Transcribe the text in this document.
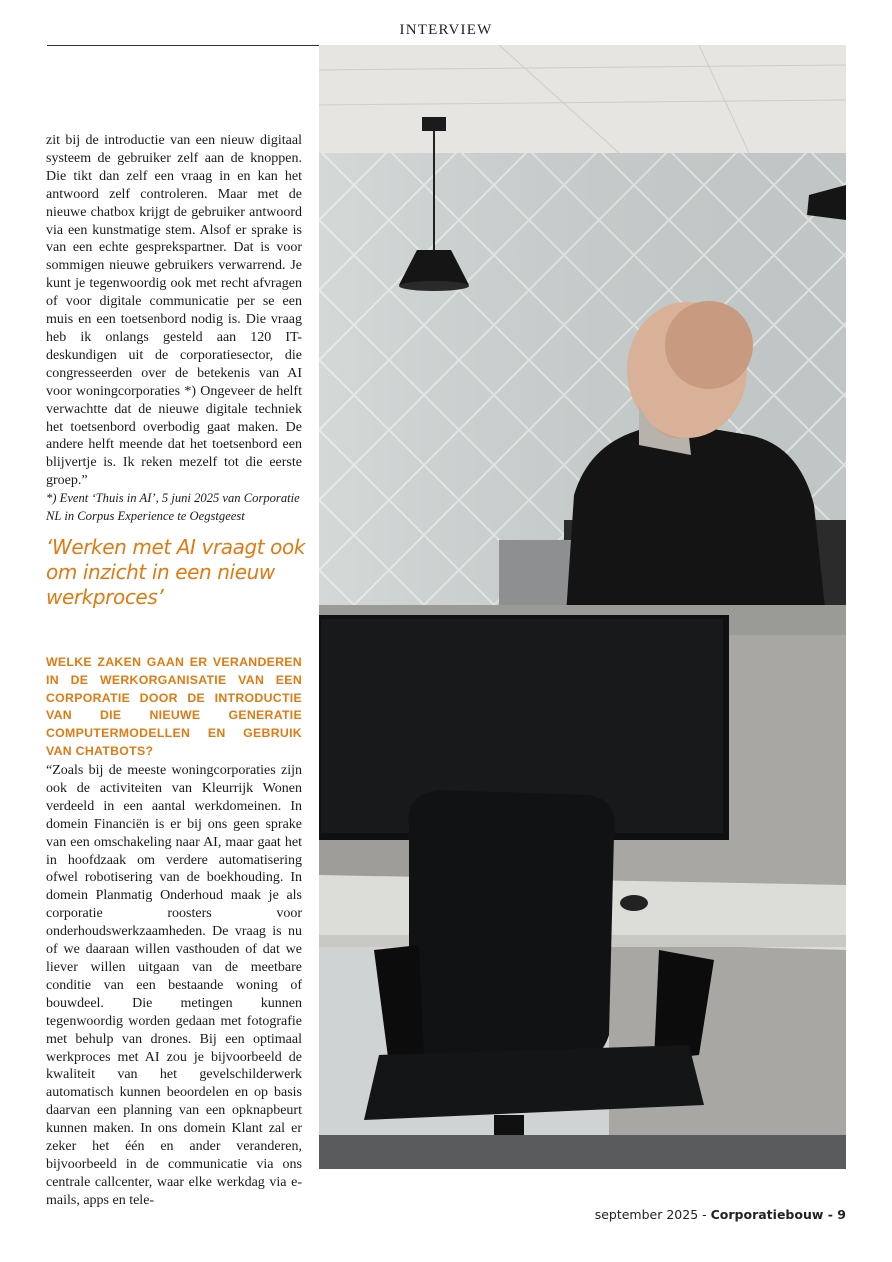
INTERVIEW

zit bij de introductie van een nieuw digitaal systeem de gebruiker zelf aan de knoppen. Die tikt dan zelf een vraag in en kan het antwoord zelf controleren. Maar met de nieuwe chatbox krijgt de gebruiker antwoord via een kunstmatige stem. Alsof er sprake is van een echte gesprekspartner. Dat is voor sommigen nieuwe gebruikers verwarrend. Je kunt je tegenwoordig ook met recht afvragen of voor digitale communicatie per se een muis en een toetsenbord nodig is. Die vraag heb ik onlangs gesteld aan 120 IT-deskundigen uit de corporatiesector, die congresseerden over de betekenis van AI voor woningcorporaties *) Ongeveer de helft verwachtte dat de nieuwe digitale techniek het toetsenbord overbodig gaat maken. De andere helft meende dat het toetsenbord een blijvertje is. Ik reken mezelf tot die eerste groep.”

*) Event ‘Thuis in AI’, 5 juni 2025 van Corporatie NL in Corpus Experience te Oegstgeest

‘Werken met AI vraagt ook om inzicht in een nieuw werkproces’
WELKE ZAKEN GAAN ER VERANDEREN IN DE WERKORGANISATIE VAN EEN CORPORATIE DOOR DE INTRODUCTIE VAN DIE NIEUWE GENERATIE COMPUTERMODELLEN EN GEBRUIK VAN CHATBOTS?

“Zoals bij de meeste woningcorporaties zijn ook de activiteiten van Kleurrijk Wonen verdeeld in een aantal werkdomeinen. In domein Financiën is er bij ons geen sprake van een omschakeling naar AI, maar gaat het in hoofdzaak om verdere automatisering ofwel robotisering van de boekhouding. In domein Planmatig Onderhoud maak je als corporatie roosters voor onderhoudswerkzaamheden. De vraag is nu of we daaraan willen vasthouden of dat we liever willen uitgaan van de meetbare conditie van een bestaande woning of bouwdeel. Die metingen kunnen tegenwoordig worden gedaan met fotografie met behulp van drones. Bij een optimaal werkproces met AI zou je bijvoorbeeld de kwaliteit van het gevelschilderwerk automatisch kunnen beoordelen en op basis daarvan een planning van een opknapbeurt kunnen maken. In ons domein Klant zal er zeker het één en ander veranderen, bijvoorbeeld in de communicatie via ons centrale callcenter, waar elke werkdag via e-mails, apps en tele-

september 2025 - Corporatiebouw - 9
